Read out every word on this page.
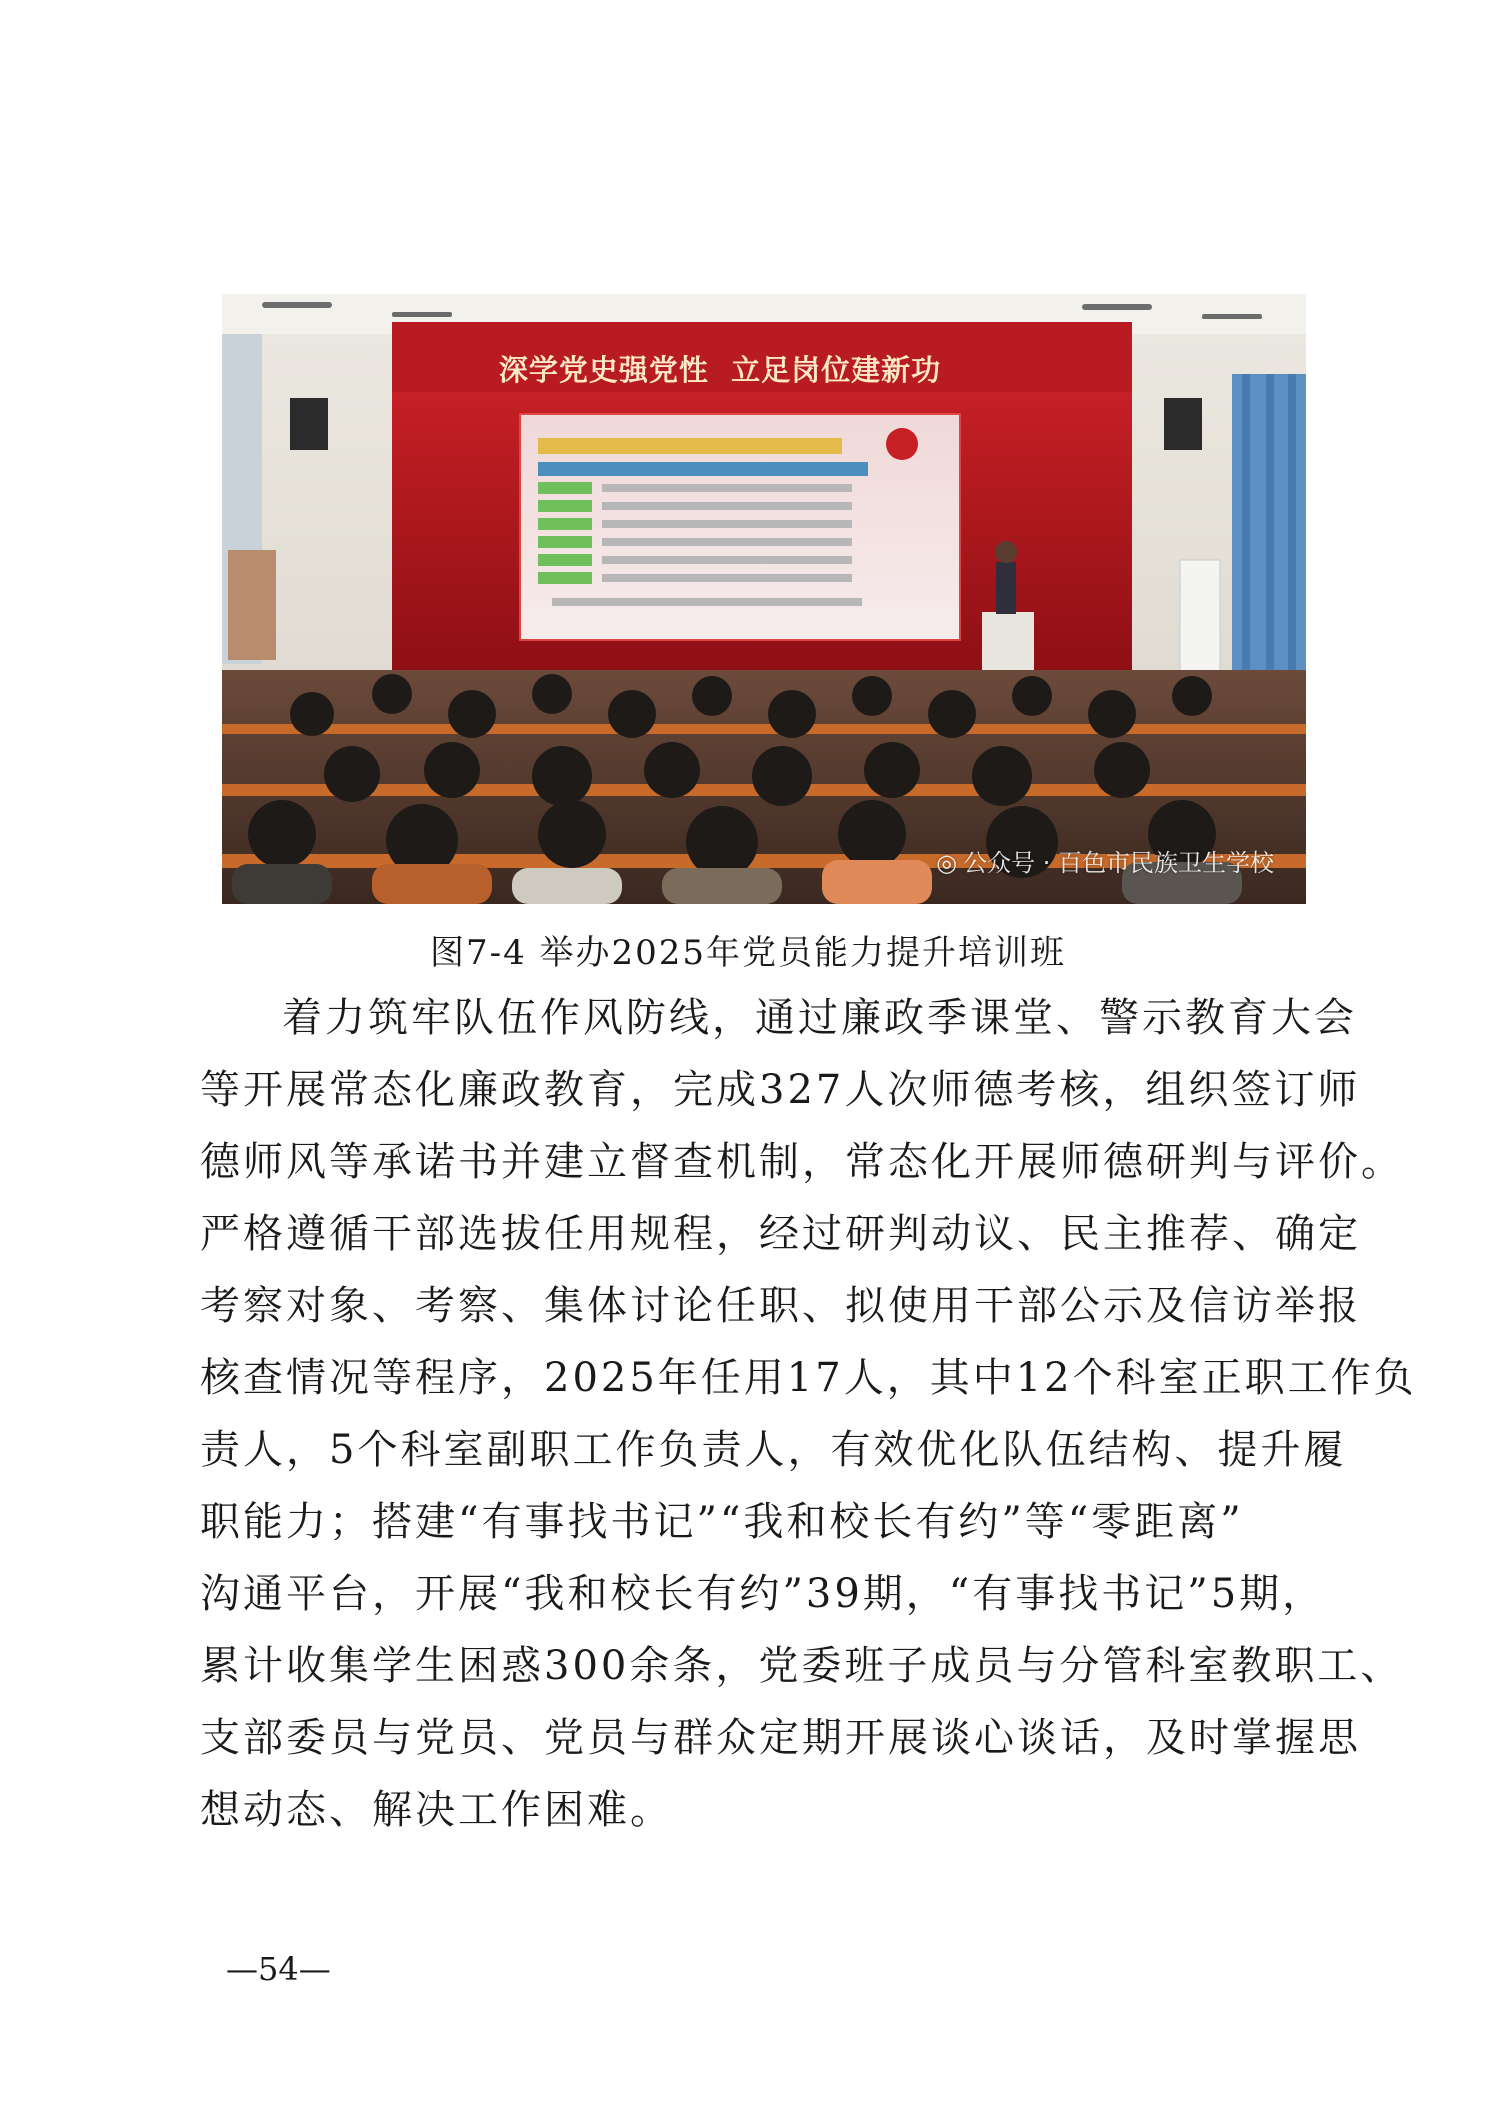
深学党史强党性  立足岗位建新功
◎ 公众号 · 百色市民族卫生学校
图7-4 举办2025年党员能力提升培训班
着力筑牢队伍作风防线，通过廉政季课堂、警示教育大会
等开展常态化廉政教育，完成327人次师德考核，组织签订师
德师风等承诺书并建立督查机制，常态化开展师德研判与评价。
严格遵循干部选拔任用规程，经过研判动议、民主推荐、确定
考察对象、考察、集体讨论任职、拟使用干部公示及信访举报
核查情况等程序，2025年任用17人，其中12个科室正职工作负
责人，5个科室副职工作负责人，有效优化队伍结构、提升履
职能力；搭建“有事找书记”“我和校长有约”等“零距离”
沟通平台，开展“我和校长有约”39期，“有事找书记”5期，
累计收集学生困惑300余条，党委班子成员与分管科室教职工、
支部委员与党员、党员与群众定期开展谈心谈话，及时掌握思
想动态、解决工作困难。
—54—
